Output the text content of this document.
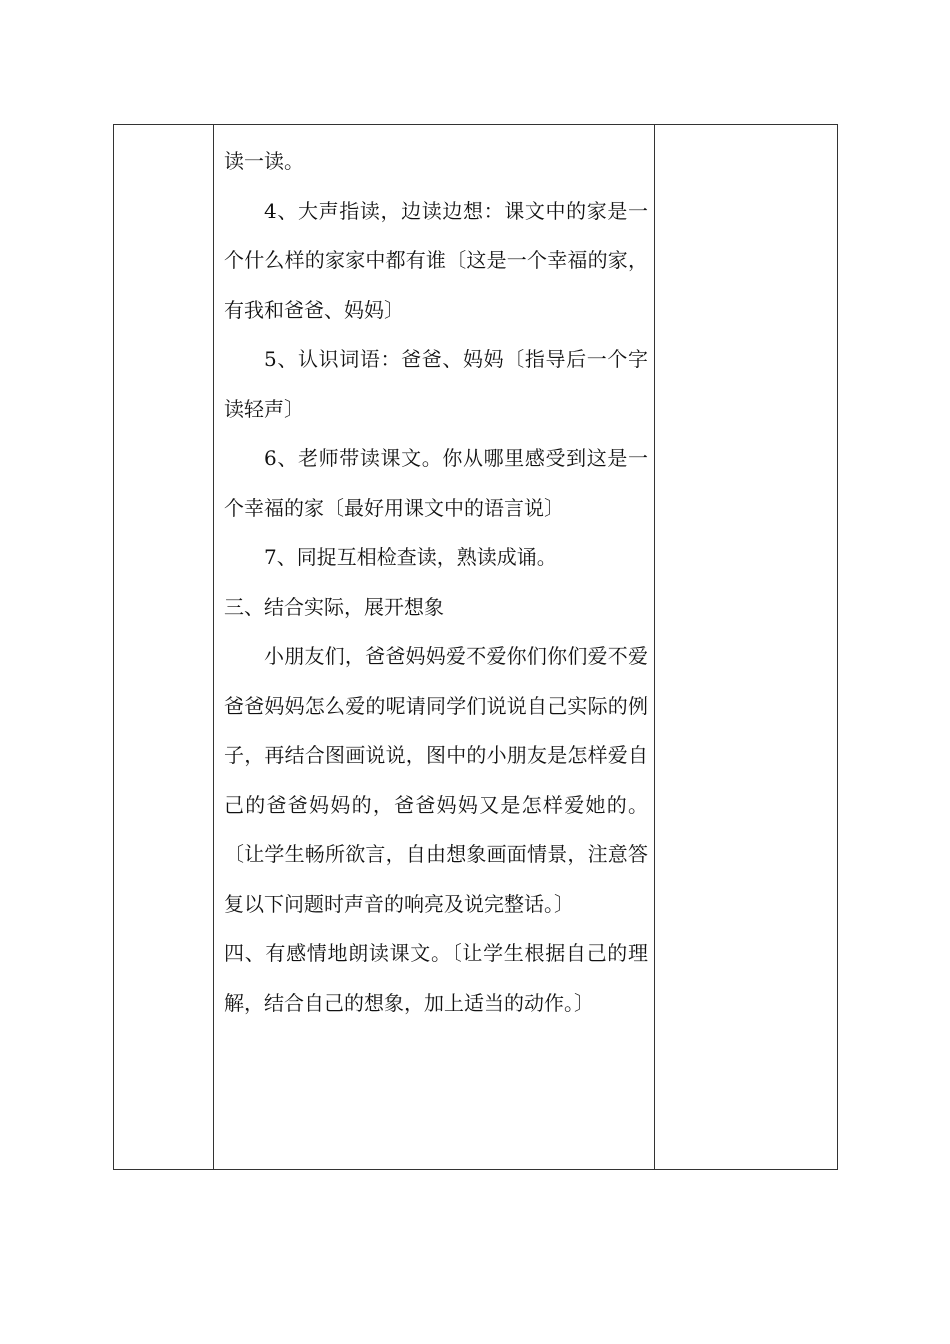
读一读。

4、大声指读，边读边想：课文中的家是一个什么样的家家中都有谁〔这是一个幸福的家，有我和爸爸、妈妈〕

5、认识词语：爸爸、妈妈〔指导后一个字读轻声〕

6、老师带读课文。你从哪里感受到这是一个幸福的家〔最好用课文中的语言说〕

7、同捉互相检查读，熟读成诵。

三、结合实际，展开想象

小朋友们，爸爸妈妈爱不爱你们你们爱不爱爸爸妈妈怎么爱的呢请同学们说说自己实际的例子，再结合图画说说，图中的小朋友是怎样爱自己的爸爸妈妈的，爸爸妈妈又是怎样爱她的。〔让学生畅所欲言，自由想象画面情景，注意答复以下问题时声音的响亮及说完整话。〕

四、有感情地朗读课文。〔让学生根据自己的理解，结合自己的想象，加上适当的动作。〕
